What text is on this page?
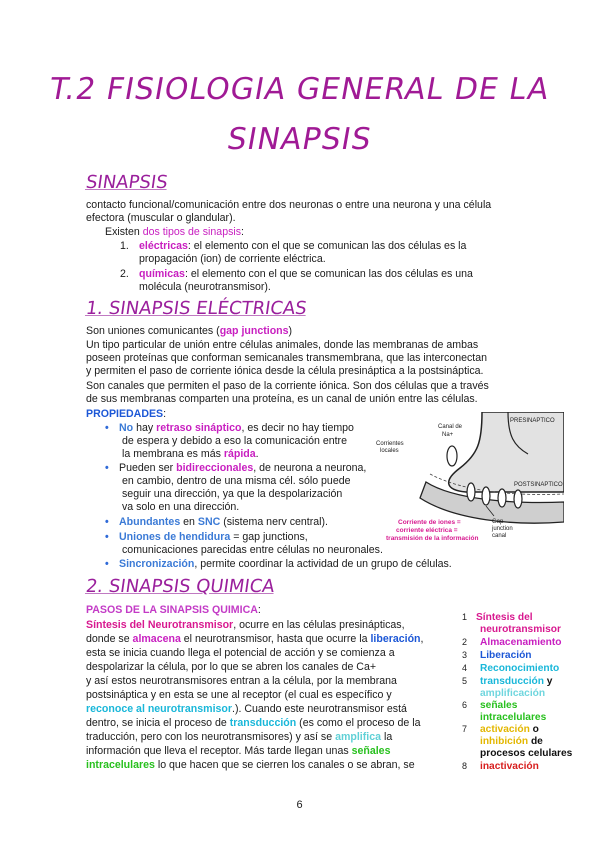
T.2 FISIOLOGIA GENERAL DE LA
SINAPSIS
SINAPSIS
contacto funcional/comunicación entre dos neuronas o entre una neurona y una célula
efectora (muscular o glandular).
Existen dos tipos de sinapsis:
1. eléctricas: el elemento con el que se comunican las dos células es la
propagación (ion) de corriente eléctrica.
2. químicas: el elemento con el que se comunican las dos células es una
molécula (neurotransmisor).
1. SINAPSIS ELÉCTRICAS
Son uniones comunicantes (gap junctions)
Un tipo particular de unión entre células animales, donde las membranas de ambas
poseen proteínas que conforman semicanales transmembrana, que las interconectan
y permiten el paso de corriente iónica desde la célula presináptica a la postsináptica.
Son canales que permiten el paso de la corriente iónica. Son dos células que a través
de sus membranas comparten una proteína, es un canal de unión entre las células.
PROPIEDADES:
• No hay retraso sináptico, es decir no hay tiempo
de espera y debido a eso la comunicación entre
la membrana es más rápida.
• Pueden ser bidireccionales, de neurona a neurona,
en cambio, dentro de una misma cél. sólo puede
seguir una dirección, ya que la despolarización
va solo en una dirección.
• Abundantes en SNC (sistema nerv central).
• Uniones de hendidura = gap junctions,
comunicaciones parecidas entre células no neuronales.
• Sincronización, permite coordinar la actividad de un grupo de células.
Canal de
Na+
Corrientes
locales
PRESINAPTICO
POSTSINAPTICO
Gap
junction
canal
Corriente de iones =
corriente eléctrica =
transmisión de la información
2. SINAPSIS QUIMICA
PASOS DE LA SINAPSIS QUIMICA:
Síntesis del Neurotransmisor, ocurre en las células presinápticas,
donde se almacena el neurotransmisor, hasta que ocurre la liberación,
esta se inicia cuando llega el potencial de acción y se comienza a
despolarizar la célula, por lo que se abren los canales de Ca+
y así estos neurotransmisores entran a la célula, por la membrana
postsináptica y en esta se une al receptor (el cual es específico y
reconoce al neurotransmisor.). Cuando este neurotransmisor está
dentro, se inicia el proceso de transducción (es como el proceso de la
traducción, pero con los neurotransmisores) y así se amplifica la
información que lleva el receptor. Más tarde llegan unas señales
intracelulares lo que hacen que se cierren los canales o se abran, se
1 Síntesis del
neurotransmisor
2 Almacenamiento
3 Liberación
4 Reconocimiento
5 transducción y
amplificación
6 señales
intracelulares
7 activación o
inhibición de
procesos celulares
8 inactivación
6
